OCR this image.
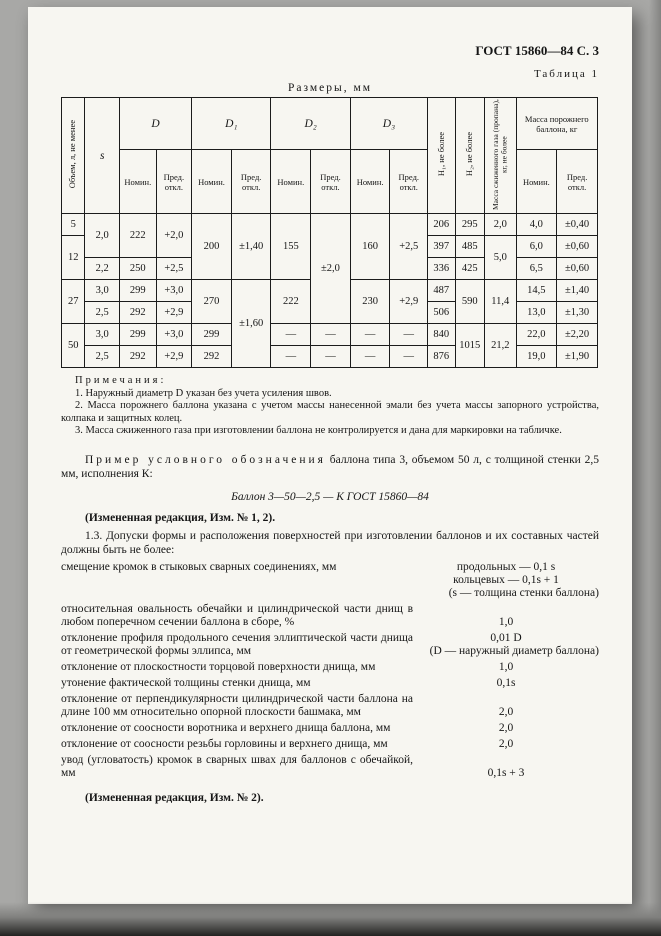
ГОСТ 15860—84 С. 3
Таблица 1
Размеры, мм
Объем, л, не менее	s	D		D₁		D₂		D₃		H₁, не более	H₂, не более	Масса сжиженного газа (пропана), кг, не более	Масса порожнего баллона, кг	
		Номин.	Пред. откл.	Номин.	Пред. откл.	Номин.	Пред. откл.	Номин.	Пред. откл.				Номин.	Пред. откл.
5	2,0	222	+2,0	200	±1,40	155	±2,0	160	+2,5	206	295	2,0	4,0	±0,40
12										397	485	5,0	6,0	±0,60
	2,2	250	+2,5							336	425		6,5	±0,60
27	3,0	299	+3,0	270	±1,60	222		230	+2,9	487	590	11,4	14,5	±1,40
	2,5	292	+2,9							506			13,0	±1,30
50	3,0	299	+3,0	299		—	—	—	—	840	1015	21,2	22,0	±2,20
	2,5	292	+2,9	292		—	—	—	—	876			19,0	±1,90
Примечания:

1. Наружный диаметр D указан без учета усиления швов.

2. Масса порожнего баллона указана с учетом массы нанесенной эмали без учета массы запорного устройства, колпака и защитных колец.

3. Масса сжиженного газа при изготовлении баллона не контролируется и дана для маркировки на табличке.

Пример условного обозначения баллона типа 3, объемом 50 л, с толщиной стенки 2,5 мм, исполнения К:

Баллон 3—50—2,5 — К ГОСТ 15860—84
(Измененная редакция, Изм. № 1, 2).

1.3. Допуски формы и расположения поверхностей при изготовлении баллонов и их составных частей должны быть не более:

смещение кромок в стыковых сварных соединениях, мм	продольных — 0,1 s
кольцевых — 0,1s + 1
(s — толщина стенки баллона)
относительная овальность обечайки и цилиндрической части днищ в любом поперечном сечении баллона в сборе, %	1,0
отклонение профиля продольного сечения эллиптической части днища от геометрической формы эллипса, мм
0,01 D
(D — наружный диаметр баллона)
отклонение от плоскостности торцовой поверхности днища, мм	1,0
утонение фактической толщины стенки днища, мм	0,1s
отклонение от перпендикулярности цилиндрической части баллона на длине 100 мм относительно опорной плоскости башмака, мм	2,0
отклонение от соосности воротника и верхнего днища баллона, мм	2,0
отклонение от соосности резьбы горловины и верхнего днища, мм	2,0
увод (угловатость) кромок в сварных швах для баллонов с обечайкой, мм	0,1s + 3
(Измененная редакция, Изм. № 2).
